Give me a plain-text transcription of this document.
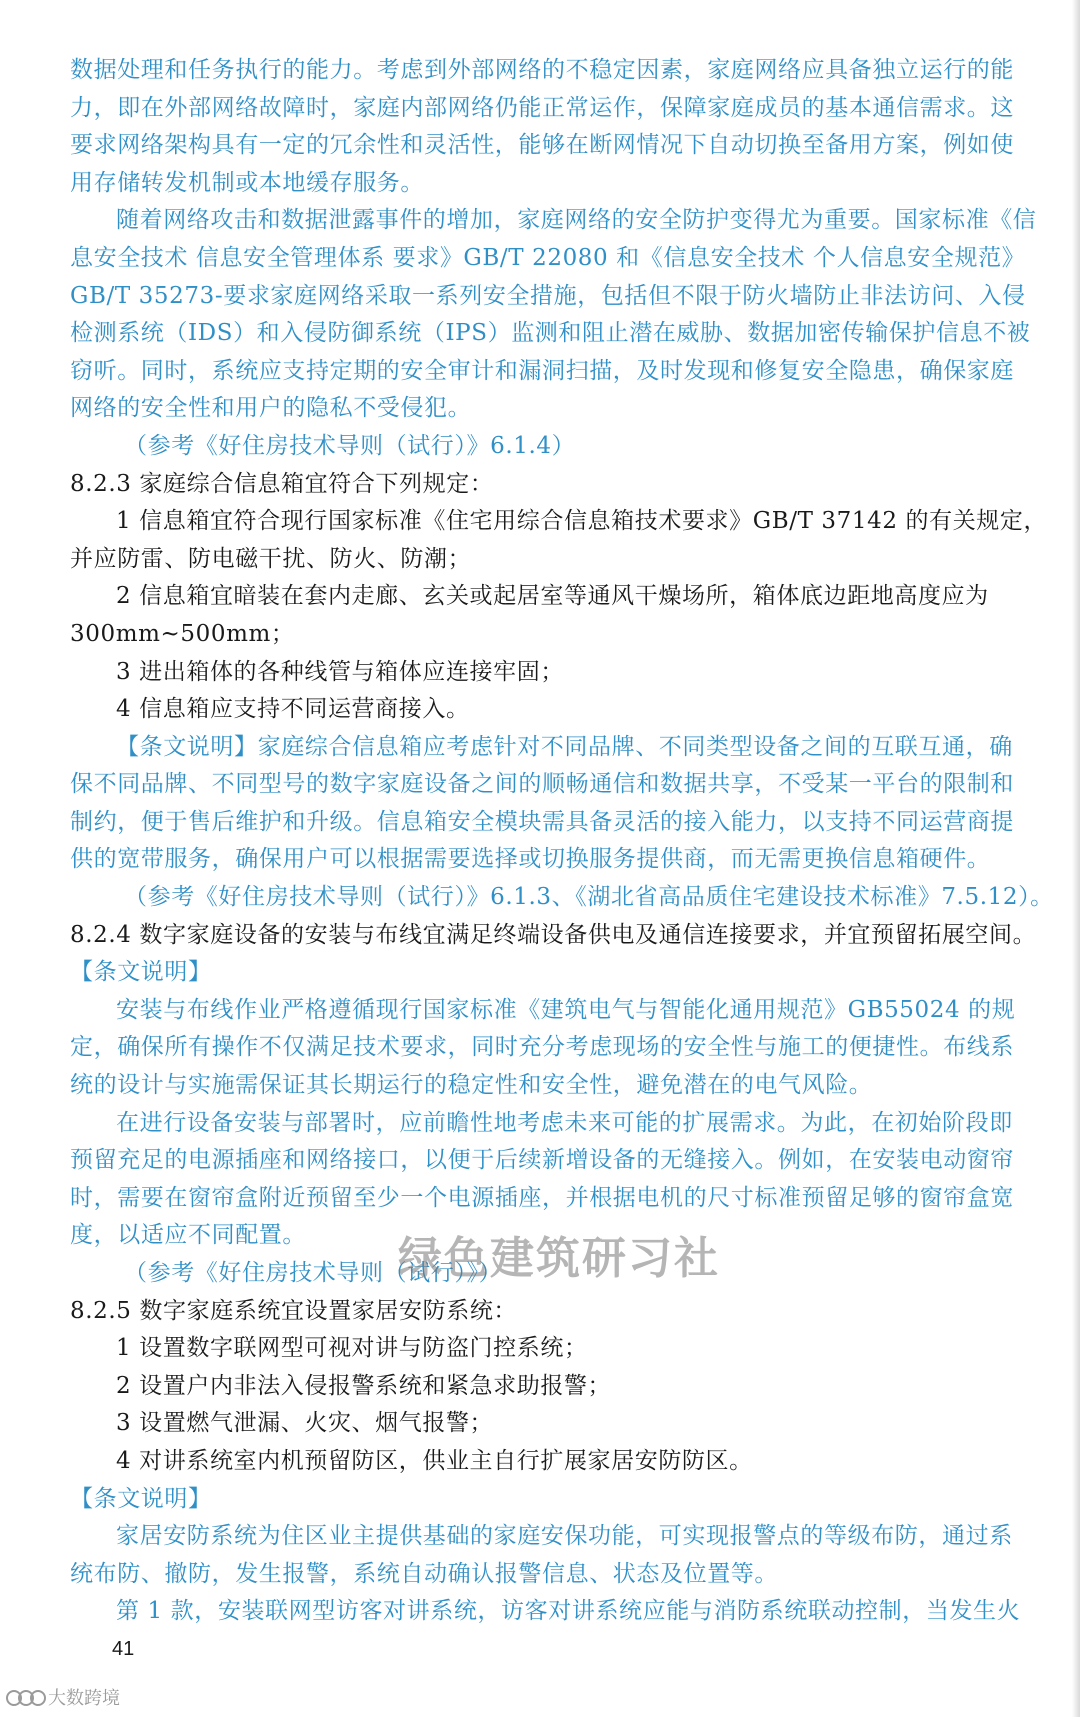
数据处理和任务执行的能力。考虑到外部网络的不稳定因素，家庭网络应具备独立运行的能
力，即在外部网络故障时，家庭内部网络仍能正常运作，保障家庭成员的基本通信需求。这
要求网络架构具有一定的冗余性和灵活性，能够在断网情况下自动切换至备用方案，例如使
用存储转发机制或本地缓存服务。
随着网络攻击和数据泄露事件的增加，家庭网络的安全防护变得尤为重要。国家标准《信
息安全技术 信息安全管理体系 要求》GB/T 22080 和《信息安全技术 个人信息安全规范》
GB/T 35273-要求家庭网络采取一系列安全措施，包括但不限于防火墙防止非法访问、入侵
检测系统（IDS）和入侵防御系统（IPS）监测和阻止潜在威胁、数据加密传输保护信息不被
窃听。同时，系统应支持定期的安全审计和漏洞扫描，及时发现和修复安全隐患，确保家庭
网络的安全性和用户的隐私不受侵犯。
（参考《好住房技术导则（试行）》6.1.4）
8.2.3 家庭综合信息箱宜符合下列规定：
1 信息箱宜符合现行国家标准《住宅用综合信息箱技术要求》GB/T 37142 的有关规定，
并应防雷、防电磁干扰、防火、防潮；
2 信息箱宜暗装在套内走廊、玄关或起居室等通风干燥场所，箱体底边距地高度应为
300mm~500mm；
3 进出箱体的各种线管与箱体应连接牢固；
4 信息箱应支持不同运营商接入。
【条文说明】家庭综合信息箱应考虑针对不同品牌、不同类型设备之间的互联互通，确
保不同品牌、不同型号的数字家庭设备之间的顺畅通信和数据共享，不受某一平台的限制和
制约，便于售后维护和升级。信息箱安全模块需具备灵活的接入能力，以支持不同运营商提
供的宽带服务，确保用户可以根据需要选择或切换服务提供商，而无需更换信息箱硬件。
（参考《好住房技术导则（试行）》6.1.3、《湖北省高品质住宅建设技术标准》7.5.12）。
8.2.4 数字家庭设备的安装与布线宜满足终端设备供电及通信连接要求，并宜预留拓展空间。
【条文说明】
安装与布线作业严格遵循现行国家标准《建筑电气与智能化通用规范》GB55024 的规
定，确保所有操作不仅满足技术要求，同时充分考虑现场的安全性与施工的便捷性。布线系
统的设计与实施需保证其长期运行的稳定性和安全性，避免潜在的电气风险。
在进行设备安装与部署时，应前瞻性地考虑未来可能的扩展需求。为此，在初始阶段即
预留充足的电源插座和网络接口，以便于后续新增设备的无缝接入。例如，在安装电动窗帘
时，需要在窗帘盒附近预留至少一个电源插座，并根据电机的尺寸标准预留足够的窗帘盒宽
度，以适应不同配置。
（参考《好住房技术导则（试行）》）
8.2.5 数字家庭系统宜设置家居安防系统：
1 设置数字联网型可视对讲与防盗门控系统；
2 设置户内非法入侵报警系统和紧急求助报警；
3 设置燃气泄漏、火灾、烟气报警；
4 对讲系统室内机预留防区，供业主自行扩展家居安防防区。
【条文说明】
家居安防系统为住区业主提供基础的家庭安保功能，可实现报警点的等级布防，通过系
统布防、撤防，发生报警，系统自动确认报警信息、状态及位置等。
第 1 款，安装联网型访客对讲系统，访客对讲系统应能与消防系统联动控制，当发生火
绿色建筑研习社
41
大数跨境
